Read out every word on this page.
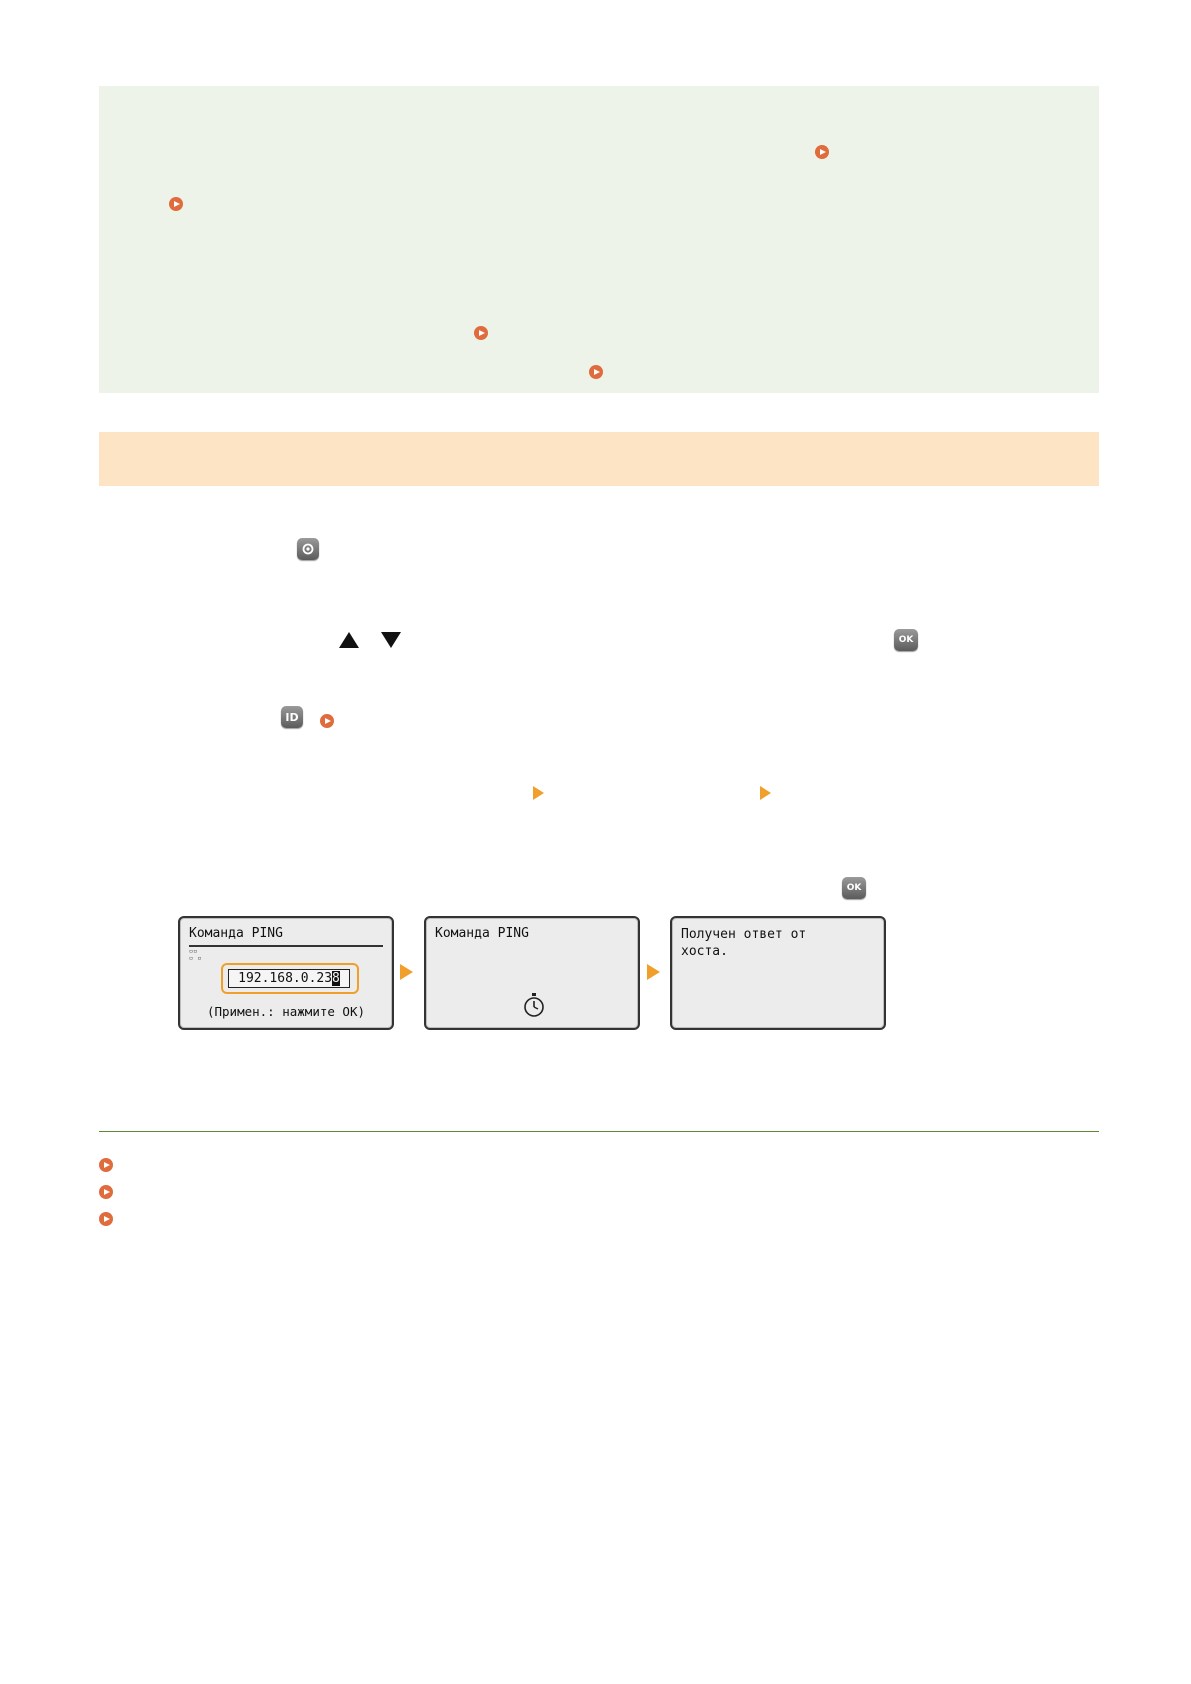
OK
ID
OK
Команда PING
▫▫
▫ ▫
192.168.0.238
(Примен.: нажмите OK)
Команда PING	Получен ответ от
хоста.
